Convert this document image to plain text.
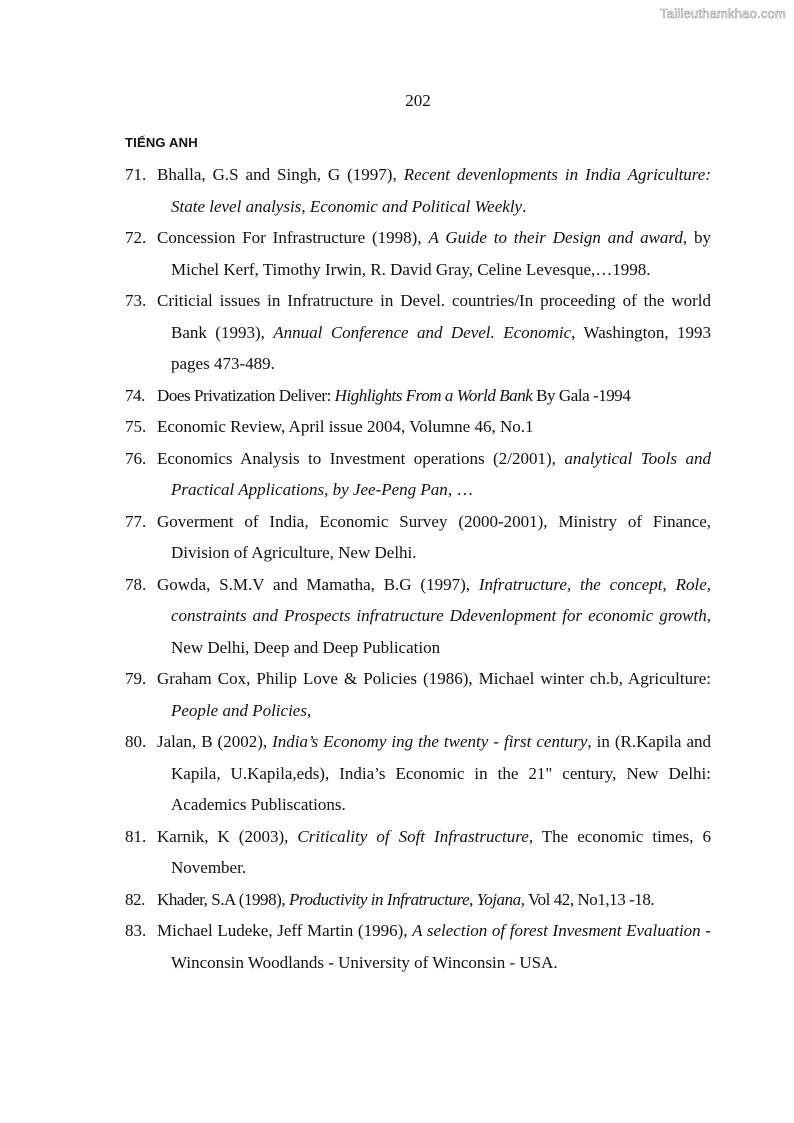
Tailieuthamkhao.com
202
TIẾNG ANH
71. Bhalla, G.S and Singh, G (1997), Recent devenlopments in India Agriculture: State level analysis, Economic and Political Weekly.
72. Concession For Infrastructure (1998), A Guide to their Design and award, by Michel Kerf, Timothy Irwin, R. David Gray, Celine Levesque,…1998.
73. Criticial issues in Infratructure in Devel. countries/In proceeding of the world Bank (1993), Annual Conference and Devel. Economic, Washington, 1993 pages 473-489.
74. Does Privatization Deliver: Highlights From a World Bank By Gala -1994
75. Economic Review, April issue 2004, Volumne 46, No.1
76. Economics Analysis to Investment operations (2/2001), analytical Tools and Practical Applications, by Jee-Peng Pan, …
77. Goverment of India, Economic Survey (2000-2001), Ministry of Finance, Division of Agriculture, New Delhi.
78. Gowda, S.M.V and Mamatha, B.G (1997), Infratructure, the concept, Role, constraints and Prospects infratructure Ddevenlopment for economic growth, New Delhi, Deep and Deep Publication
79. Graham Cox, Philip Love & Policies (1986), Michael winter ch.b, Agriculture: People and Policies,
80. Jalan, B (2002), India’s Economy ing the twenty - first century, in (R.Kapila and Kapila, U.Kapila,eds), India’s Economic in the 21" century, New Delhi: Academics Publiscations.
81. Karnik, K (2003), Criticality of Soft Infrastructure, The economic times, 6 November.
82. Khader, S.A (1998), Productivity in Infratructure, Yojana, Vol 42, No1,13 -18.
83. Michael Ludeke, Jeff Martin (1996), A selection of forest Invesment Evaluation - Winconsin Woodlands - University of Winconsin - USA.
